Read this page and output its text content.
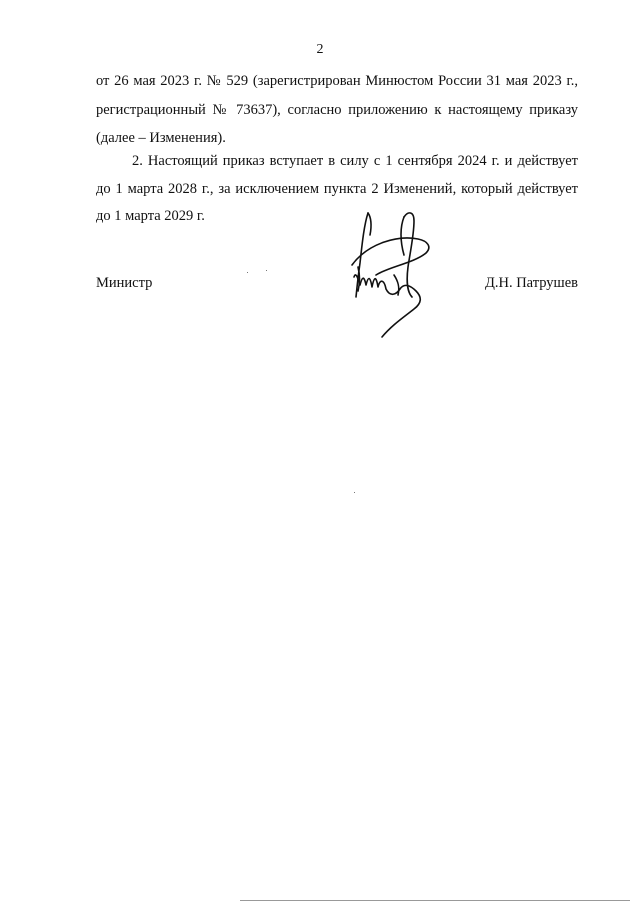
2
от 26 мая 2023 г. № 529 (зарегистрирован Минюстом России 31 мая 2023 г.,
регистрационный № 73637), согласно приложению к настоящему приказу
(далее – Изменения).
2. Настоящий приказ вступает в силу с 1 сентября 2024 г. и действует
до 1 марта 2028 г., за исключением пункта 2 Изменений, который действует
до 1 марта 2029 г.
Министр	Д.Н. Патрушев
